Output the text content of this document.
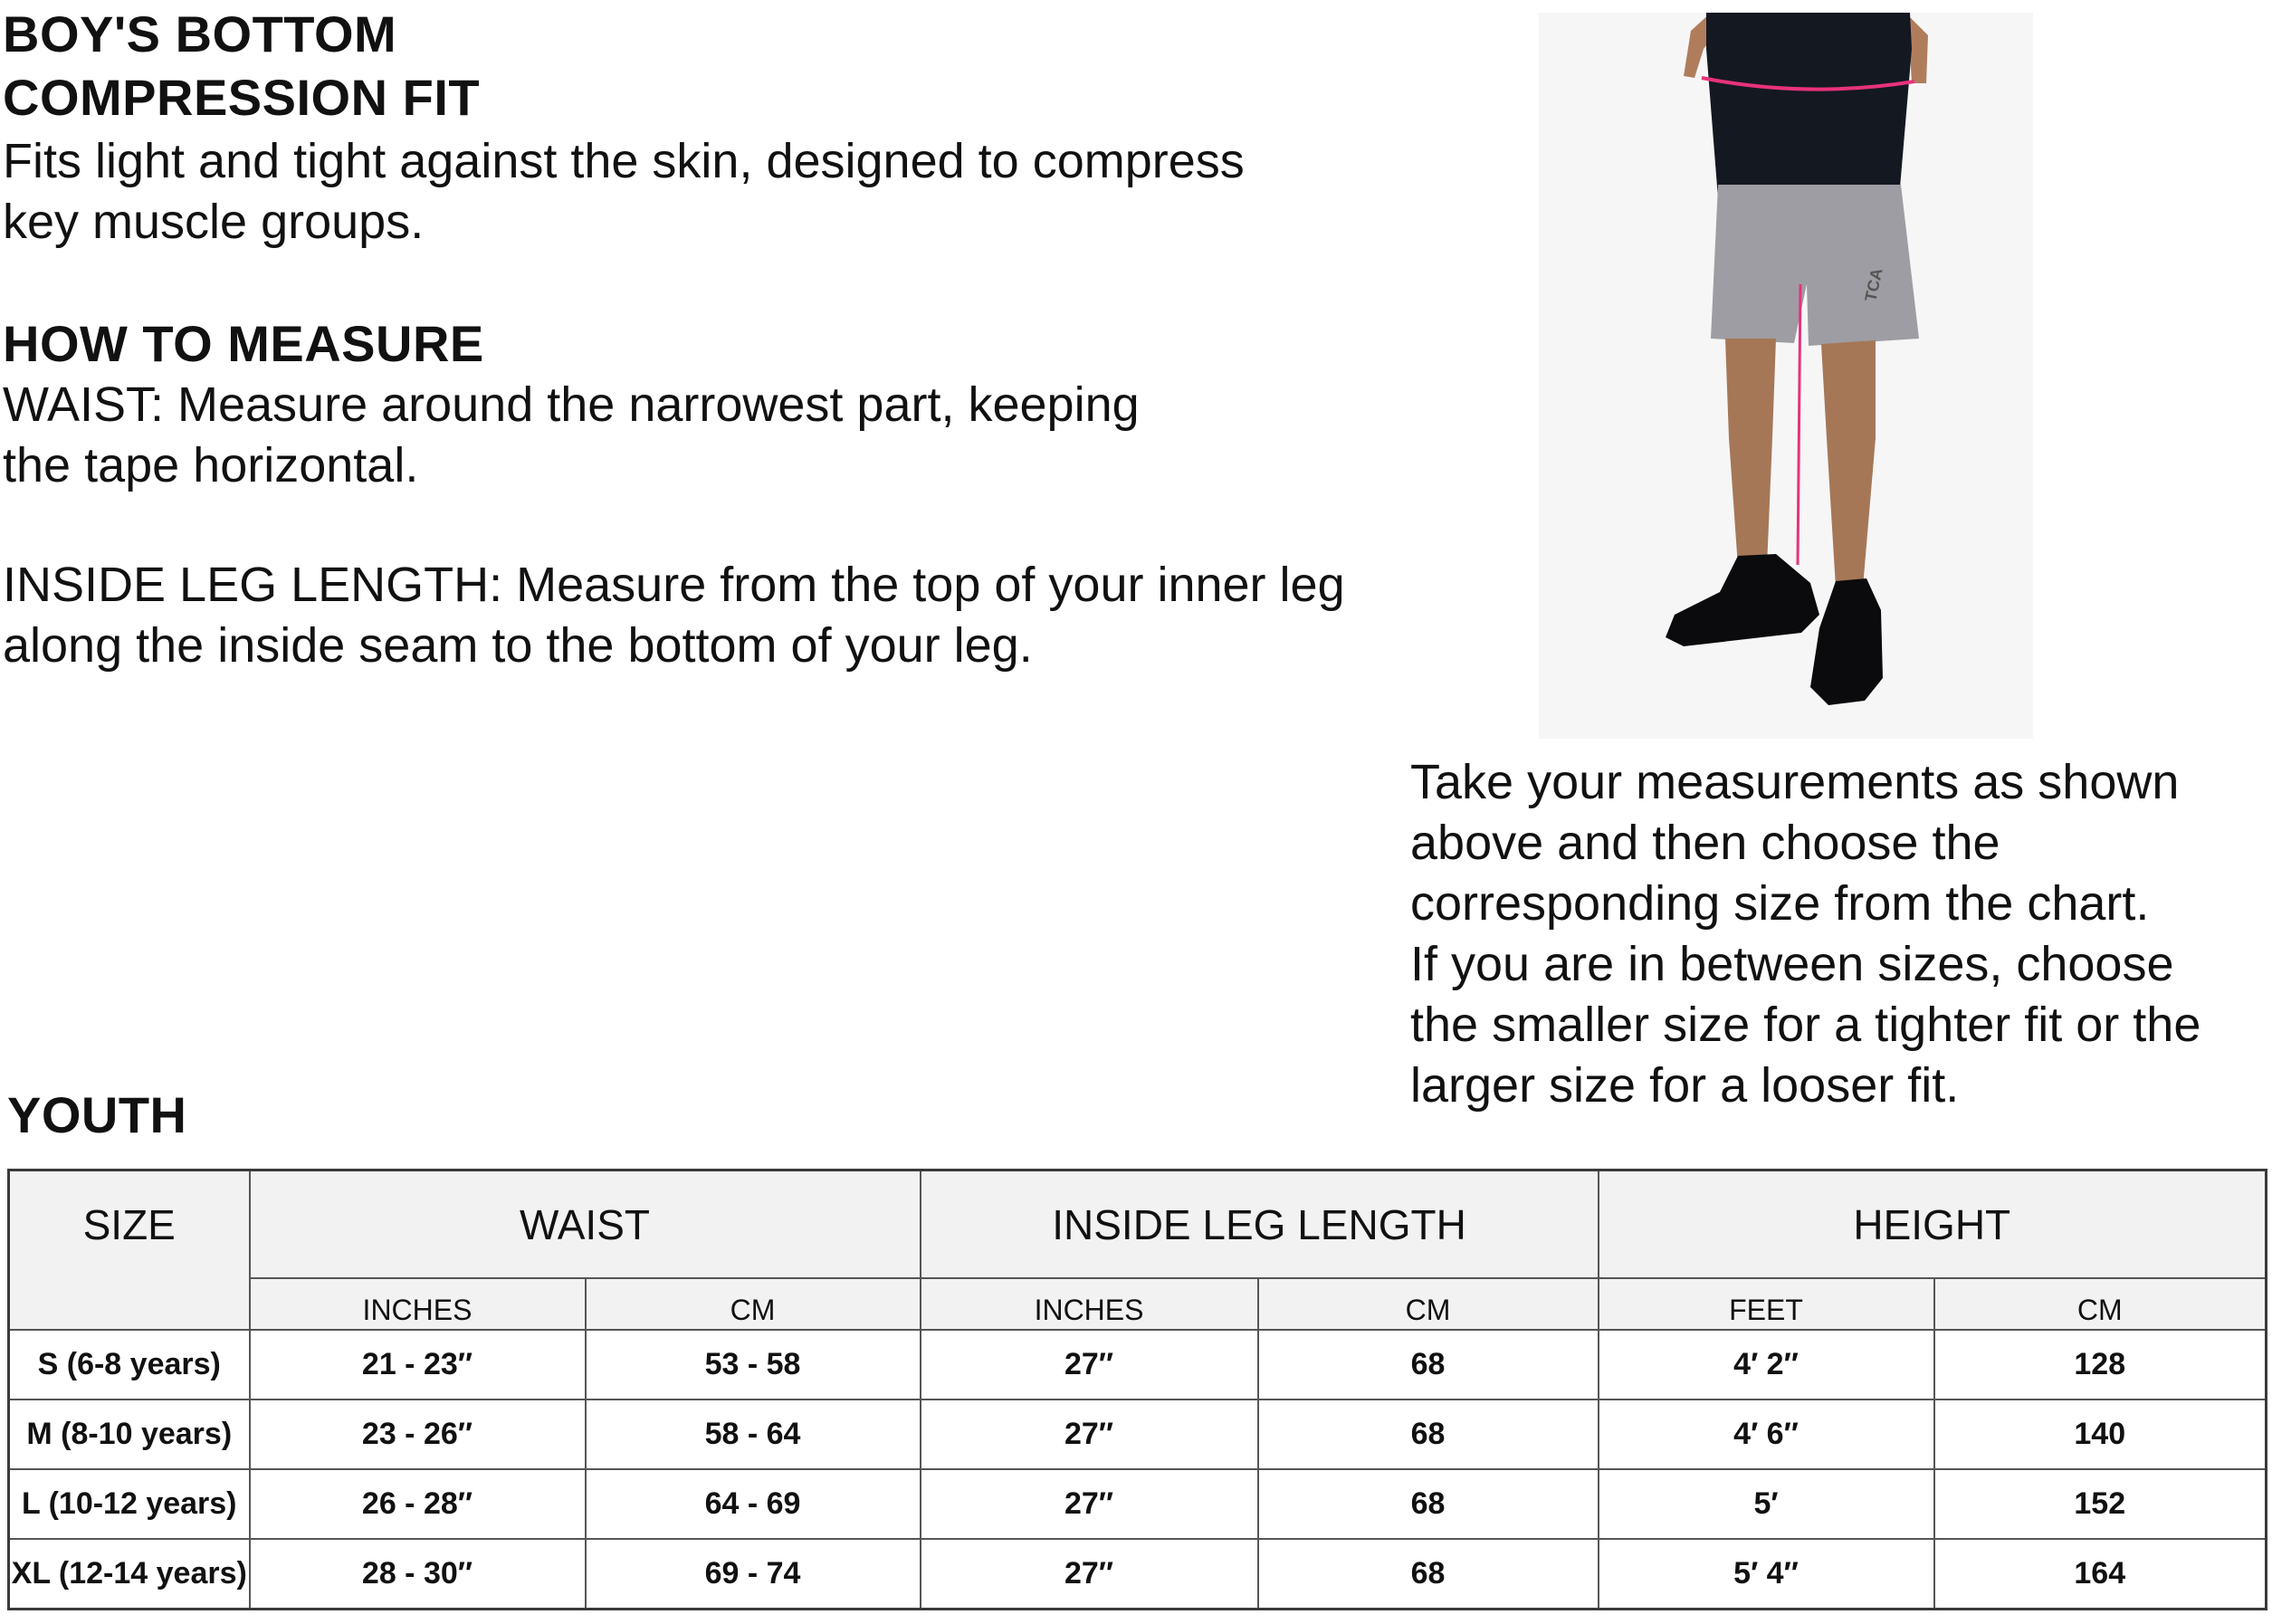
BOY'S BOTTOM
COMPRESSION FIT
Fits light and tight against the skin, designed to compress
key muscle groups.
HOW TO MEASURE
WAIST: Measure around the narrowest part, keeping
the tape horizontal.
INSIDE LEG LENGTH: Measure from the top of your inner leg
along the inside seam to the bottom of your leg.
TCA
Take your measurements as shown
above and then choose the
corresponding size from the chart.
If you are in between sizes, choose
the smaller size for a tighter fit or the
larger size for a looser fit.
YOUTH
SIZE	WAIST		INSIDE LEG LENGTH		HEIGHT	
	INCHES	CM	INCHES	CM	FEET	CM
S (6-8 years)	21 - 23″	53 - 58	27″	68	4′ 2″	128
M (8-10 years)	23 - 26″	58 - 64	27″	68	4′ 6″	140
L (10-12 years)	26 - 28″	64 - 69	27″	68	5′	152
XL (12-14 years)	28 - 30″	69 - 74	27″	68	5′ 4″	164
